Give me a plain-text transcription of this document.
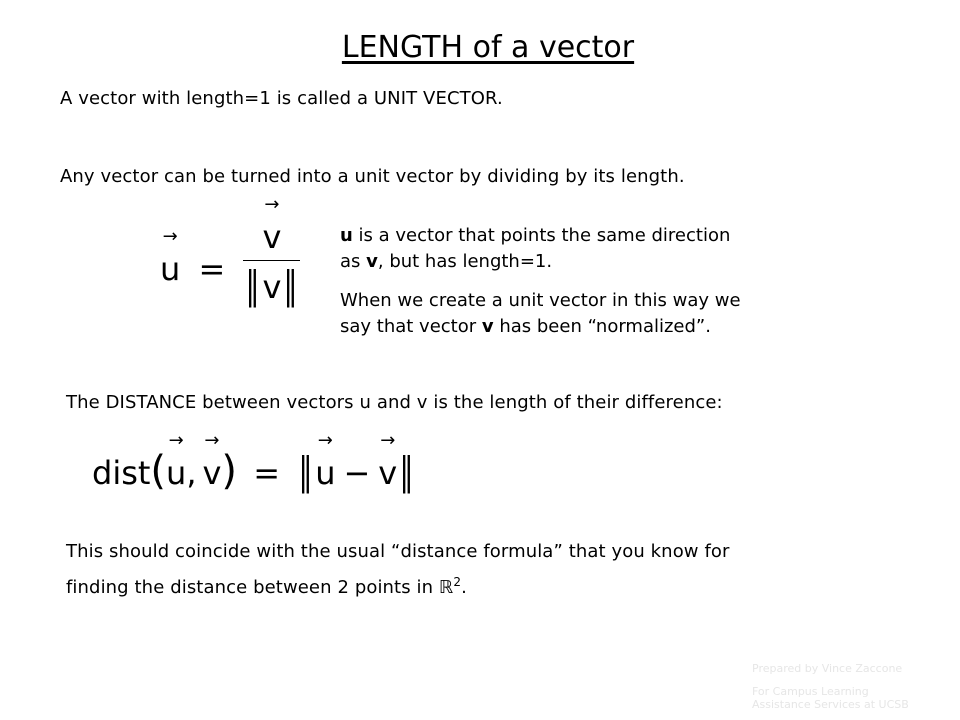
LENGTH of a vector
A vector with length=1 is called a UNIT VECTOR.
Any vector can be turned into a unit vector by dividing by its length.
→ u = → $\frac{v}{‖v‖}$ u is a vector that points the same direction as v, but has length=1.
When we create a unit vector in this way we say that vector v has been “normalized”.
The DISTANCE between vectors u and v is the length of their difference:
dist(→ u, → v) = ‖→ u − → v‖
This should coincide with the usual “distance formula” that you know for
finding the distance between 2 points in ℝ$^2$.
Prepared by Vince Zaccone
For Campus Learning
Assistance Services at UCSB
